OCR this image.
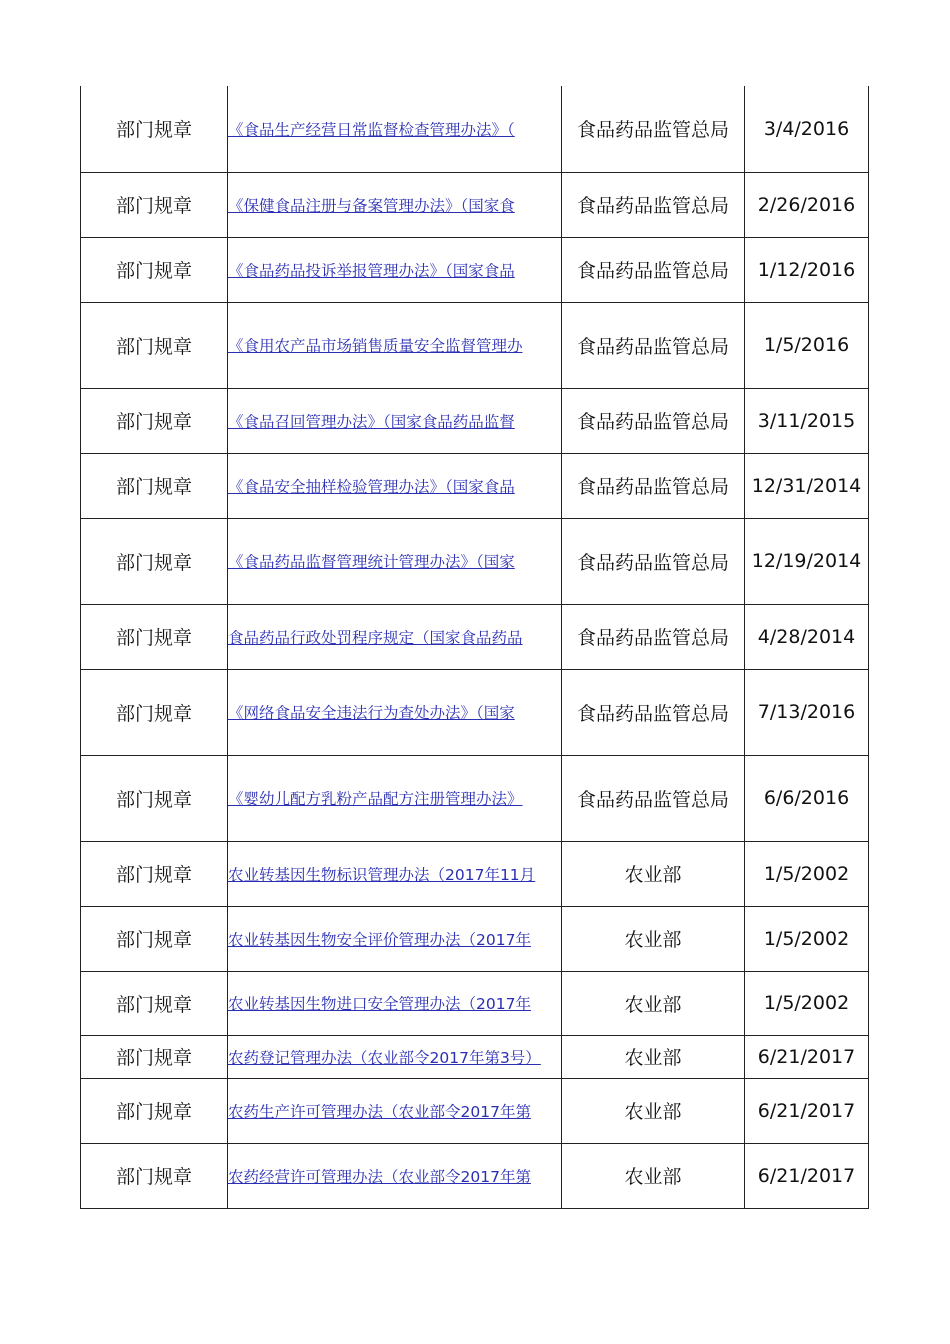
部门规章	《食品生产经营日常监督检查管理办法》（	食品药品监管总局	3/4/2016
部门规章	《保健食品注册与备案管理办法》（国家食	食品药品监管总局	2/26/2016
部门规章	《食品药品投诉举报管理办法》（国家食品	食品药品监管总局	1/12/2016
部门规章	《食用农产品市场销售质量安全监督管理办	食品药品监管总局	1/5/2016
部门规章	《食品召回管理办法》（国家食品药品监督	食品药品监管总局	3/11/2015
部门规章	《食品安全抽样检验管理办法》（国家食品	食品药品监管总局	12/31/2014
部门规章	《食品药品监督管理统计管理办法》（国家	食品药品监管总局	12/19/2014
部门规章	食品药品行政处罚程序规定（国家食品药品	食品药品监管总局	4/28/2014
部门规章	《网络食品安全违法行为查处办法》（国家	食品药品监管总局	7/13/2016
部门规章	《婴幼儿配方乳粉产品配方注册管理办法》	食品药品监管总局	6/6/2016
部门规章	农业转基因生物标识管理办法（2017年11月	农业部	1/5/2002
部门规章	农业转基因生物安全评价管理办法（2017年	农业部	1/5/2002
部门规章	农业转基因生物进口安全管理办法（2017年	农业部	1/5/2002
部门规章	农药登记管理办法（农业部令2017年第3号）	农业部	6/21/2017
部门规章	农药生产许可管理办法（农业部令2017年第	农业部	6/21/2017
部门规章	农药经营许可管理办法（农业部令2017年第	农业部	6/21/2017
